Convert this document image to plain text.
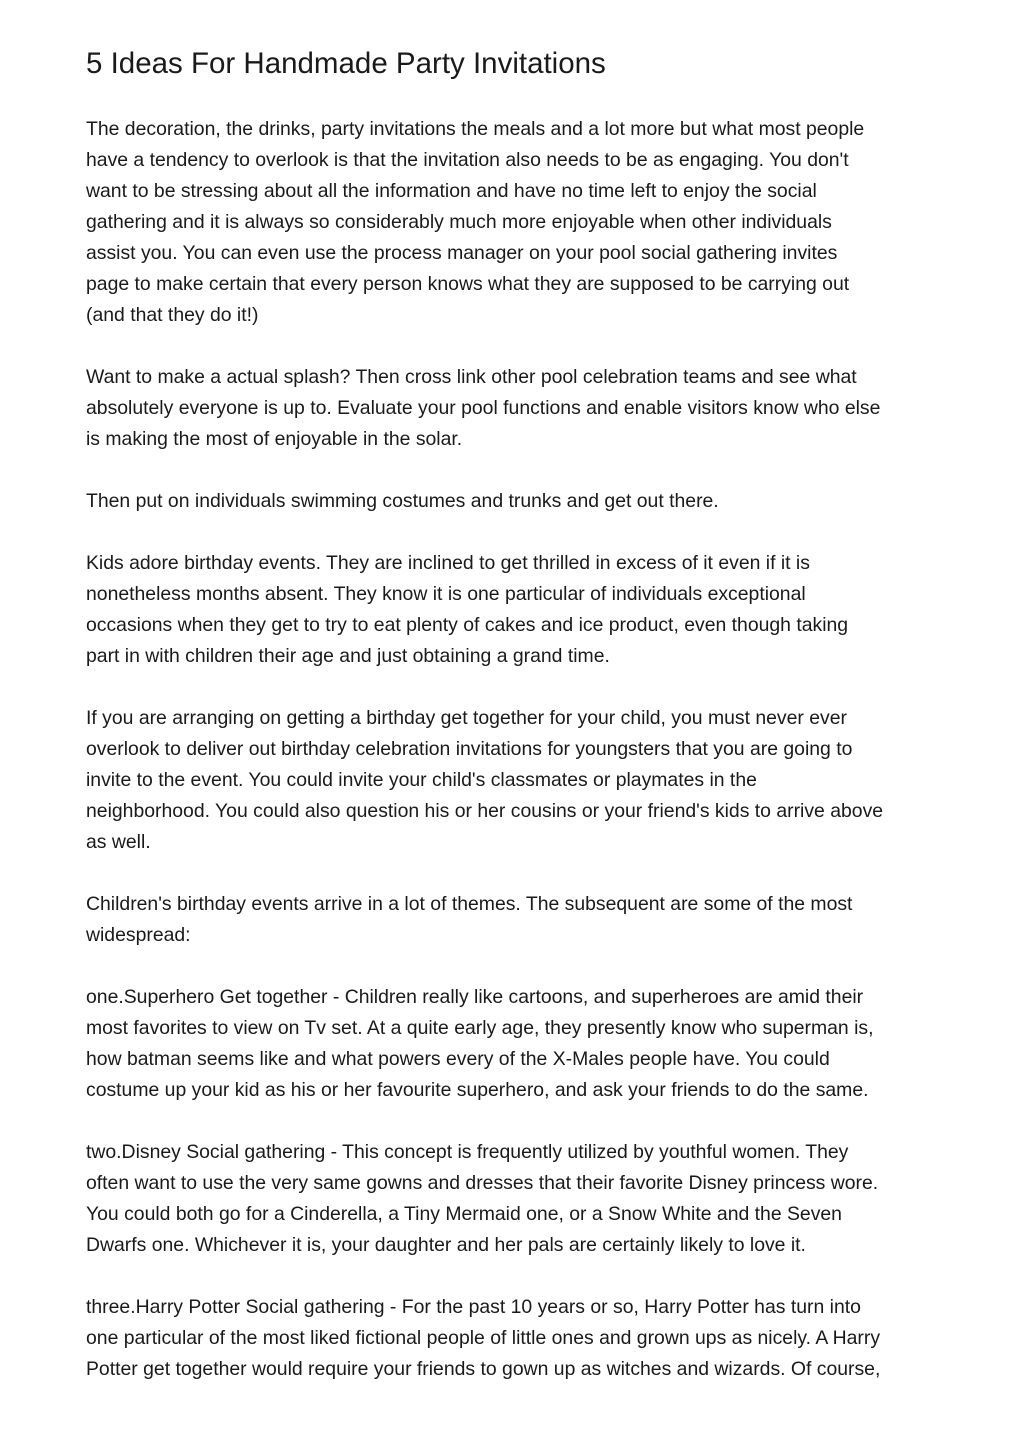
5 Ideas For Handmade Party Invitations
The decoration, the drinks, party invitations the meals and a lot more but what most people
have a tendency to overlook is that the invitation also needs to be as engaging. You don't
want to be stressing about all the information and have no time left to enjoy the social
gathering and it is always so considerably much more enjoyable when other individuals
assist you. You can even use the process manager on your pool social gathering invites
page to make certain that every person knows what they are supposed to be carrying out
(and that they do it!)
Want to make a actual splash? Then cross link other pool celebration teams and see what
absolutely everyone is up to. Evaluate your pool functions and enable visitors know who else
is making the most of enjoyable in the solar.
Then put on individuals swimming costumes and trunks and get out there.
Kids adore birthday events. They are inclined to get thrilled in excess of it even if it is
nonetheless months absent. They know it is one particular of individuals exceptional
occasions when they get to try to eat plenty of cakes and ice product, even though taking
part in with children their age and just obtaining a grand time.
If you are arranging on getting a birthday get together for your child, you must never ever
overlook to deliver out birthday celebration invitations for youngsters that you are going to
invite to the event. You could invite your child's classmates or playmates in the
neighborhood. You could also question his or her cousins or your friend's kids to arrive above
as well.
Children's birthday events arrive in a lot of themes. The subsequent are some of the most
widespread:
one.Superhero Get together - Children really like cartoons, and superheroes are amid their
most favorites to view on Tv set. At a quite early age, they presently know who superman is,
how batman seems like and what powers every of the X-Males people have. You could
costume up your kid as his or her favourite superhero, and ask your friends to do the same.
two.Disney Social gathering - This concept is frequently utilized by youthful women. They
often want to use the very same gowns and dresses that their favorite Disney princess wore.
You could both go for a Cinderella, a Tiny Mermaid one, or a Snow White and the Seven
Dwarfs one. Whichever it is, your daughter and her pals are certainly likely to love it.
three.Harry Potter Social gathering - For the past 10 years or so, Harry Potter has turn into
one particular of the most liked fictional people of little ones and grown ups as nicely. A Harry
Potter get together would require your friends to gown up as witches and wizards. Of course,
